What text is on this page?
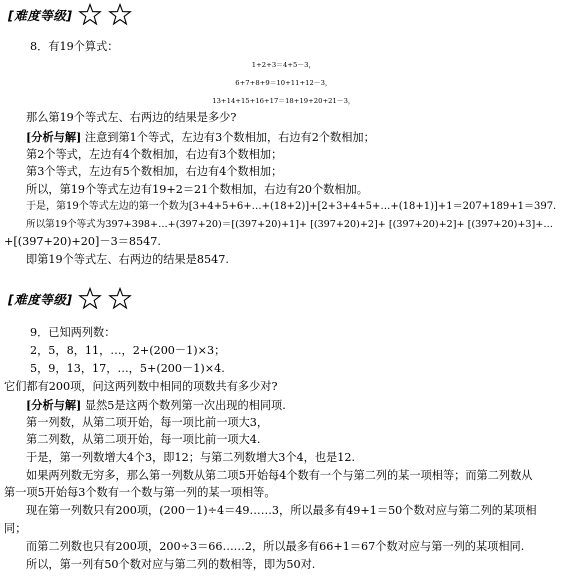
[难度等级]
8．有19个算式：
1+2+3＝4+5－3，
6+7+8+9＝10+11+12－3，
13+14+15+16+17＝18+19+20+21－3，
那么第19个等式左、右两边的结果是多少?
[分析与解] 注意到第1个等式，左边有3个数相加，右边有2个数相加；
第2个等式，左边有4个数相加，右边有3个数相加；
第3个等式，左边有5个数相加，右边有4个数相加；
所以，第19个等式左边有19+2＝21个数相加，右边有20个数相加。
于是，第19个等式左边的第一个数为[3+4+5+6+…+(18+2)]+[2+3+4+5+…+(18+1)]+1＝207+189+1＝397.
所以第19个等式为397+398+…+(397+20)＝[(397+20)+1]+ [(397+20)+2]+ [(397+20)+2]+ [(397+20)+3]+…
+[(397+20)+20]－3＝8547.
即第19个等式左、右两边的结果是8547.
[难度等级]
9．已知两列数：
2，5，8，11，…，2+(200－1)×3；
5，9，13，17，…，5+(200－1)×4.
它们都有200项，问这两列数中相同的项数共有多少对?
[分析与解] 显然5是这两个数列第一次出现的相同项.
第一列数，从第二项开始，每一项比前一项大3，
第二列数，从第二项开始，每一项比前一项大4.
于是，第一列数增大4个3，即12；与第二列数增大3个4，也是12.
如果两列数无穷多，那么第一列数从第二项5开始每4个数有一个与第二列的某一项相等；而第二列数从
第一项5开始每3个数有一个数与第一列的某一项相等。
现在第一列数只有200项，(200－1)÷4＝49……3，所以最多有49+1＝50个数对应与第二列的某项相
同；
而第二列数也只有200项，200÷3＝66……2，所以最多有66+1＝67个数对应与第一列的某项相同.
所以，第一列有50个数对应与第二列的数相等，即为50对.
